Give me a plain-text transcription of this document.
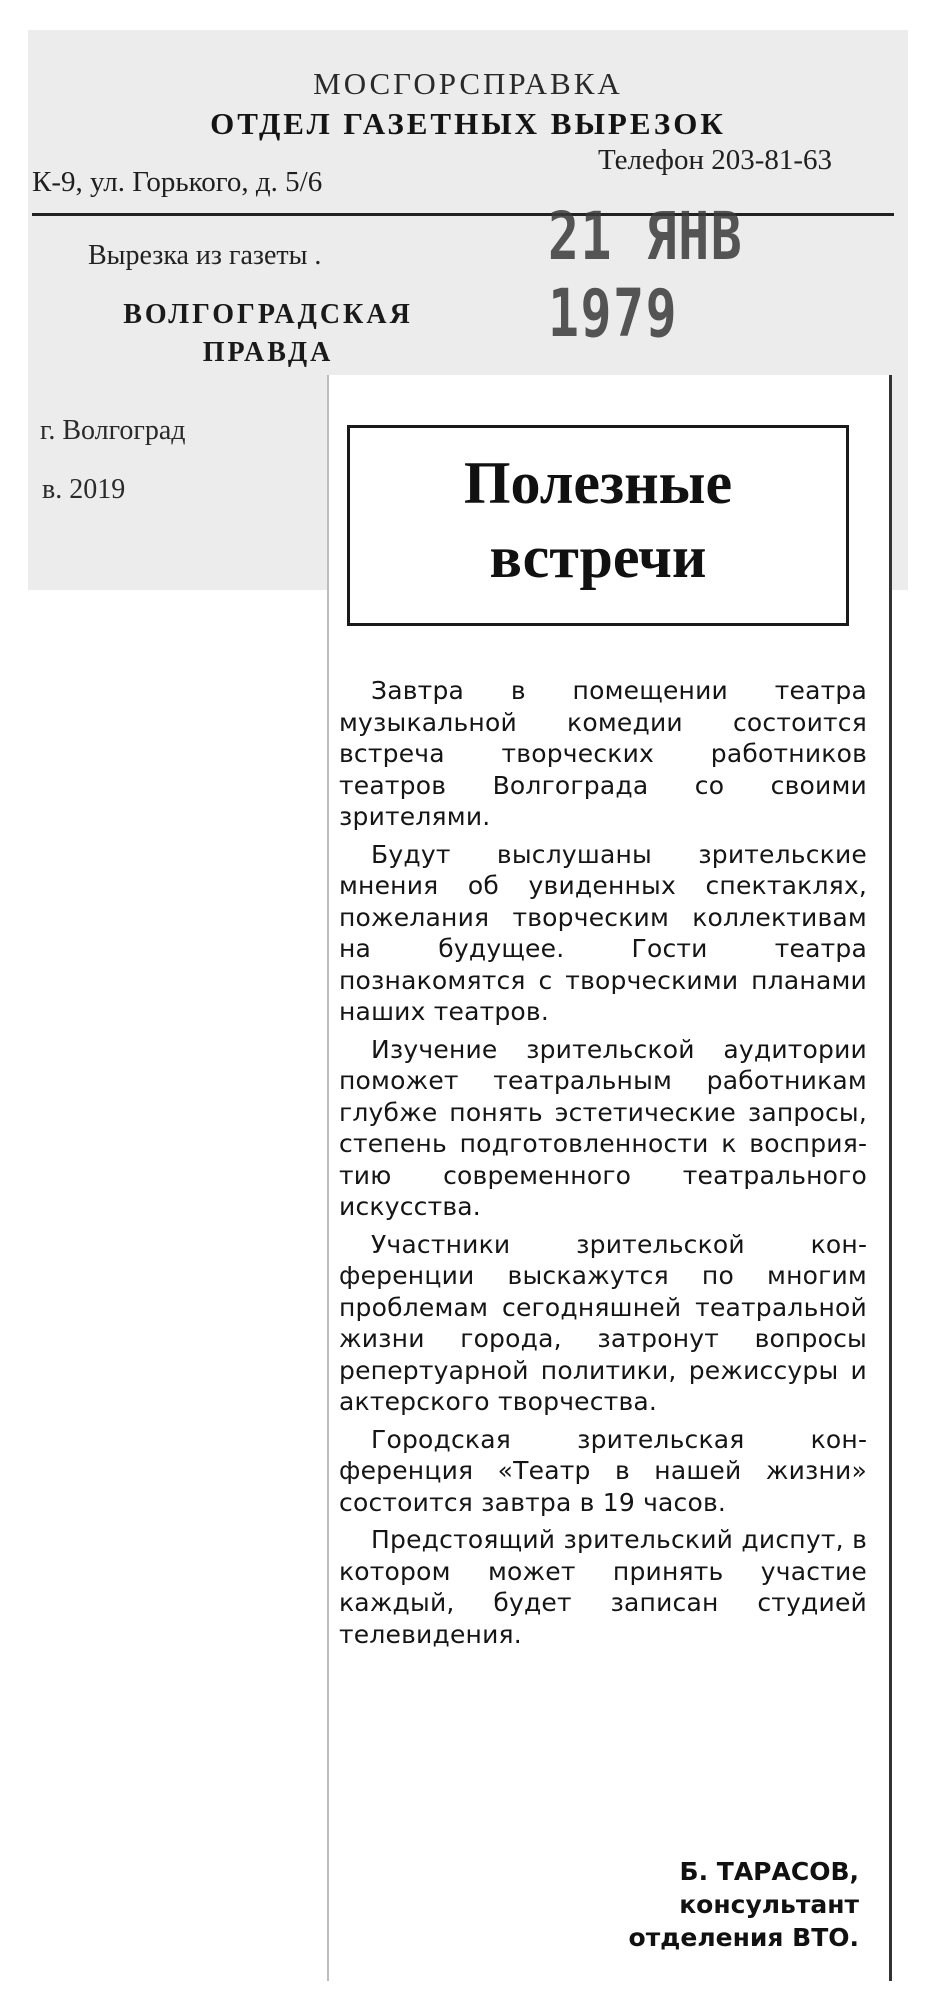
МОСГОРСПРАВКА
ОТДЕЛ ГАЗЕТНЫХ ВЫРЕЗОК
К-9, ул. Горького, д. 5/6
Телефон 203-81-63
21 ЯНВ 1979
Вырезка из газеты .
ВОЛГОГРАДСКАЯ
ПРАВДА
г. Волгоград
в. 2019	Полезные
встречи

Завтра в помещении театра музыкальной комедии состоится встреча творческих работников театров Волгограда со своими зрителями.

Будут выслушаны зрительские мнения об увиденных спектаклях, пожелания творческим коллективам на будущее. Гости театра познакомятся с творческими планами наших театров.

Изучение зрительской аудитории поможет театральным работникам глубже понять эстетические запросы, степень подготовленности к восприятию современного театрального искусства.

Участники зрительской конференции выскажутся по многим проблемам сегодняшней театральной жизни города, затронут вопросы репертуарной политики, режиссуры и актерского творчества.

Городская зрительская конференция «Театр в нашей жизни» состоится завтра в 19 часов.

Предстоящий зрительский диспут, в котором может принять участие каждый, будет записан студией телевидения.

Б. ТАРАСОВ,
консультант
отделения ВТО.
